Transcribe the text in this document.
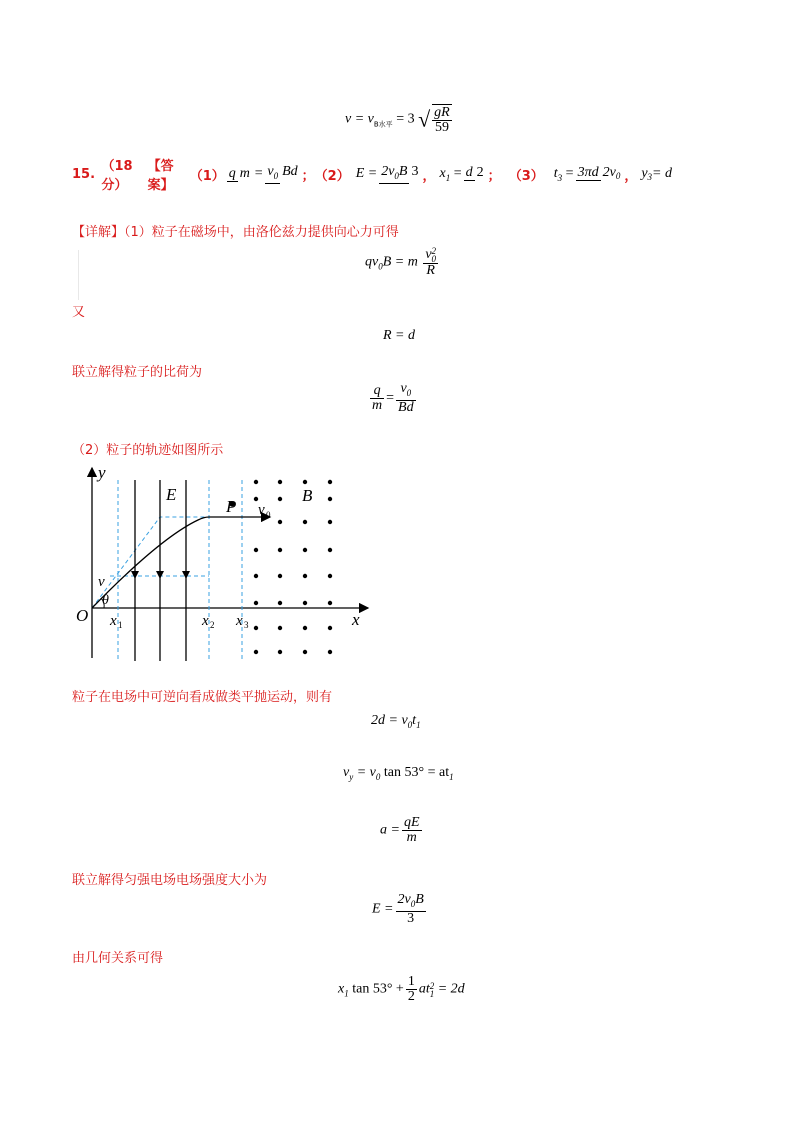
$v = v_{B水平} = 3$ √ $\frac{gR}{59}$
15. （18分）
【答案】
（1） q m = v0 Bd ； （2） E = 2v0B 3 ， x1 = d 2 ； （3） t3 = 3πd 2v0 ， y3= d
【详解】（1）粒子在磁场中，由洛伦兹力提供向心力可得
$qv_0B = m$ v 2
0
R
又
R = d
联立解得粒子的比荷为
$\frac{q}{m} = \frac{v_0}{Bd}$
（2）粒子的轨迹如图所示
y
x
O
E
P
B
v 0
v
θ
x 1	x 2 x 3
粒子在电场中可逆向看成做类平抛运动，则有
$2d = v_0t_1$
$v_y = v_0$ $\tan 53^\circ = at_1$
$a = \frac{qE}{m}$
联立解得匀强电场电场强度大小为
$E = \frac{2v_0B}{3}$
由几何关系可得
$x_1$ $\tan 53^\circ + \frac{1}{2}$ at 2
1 = 2d
